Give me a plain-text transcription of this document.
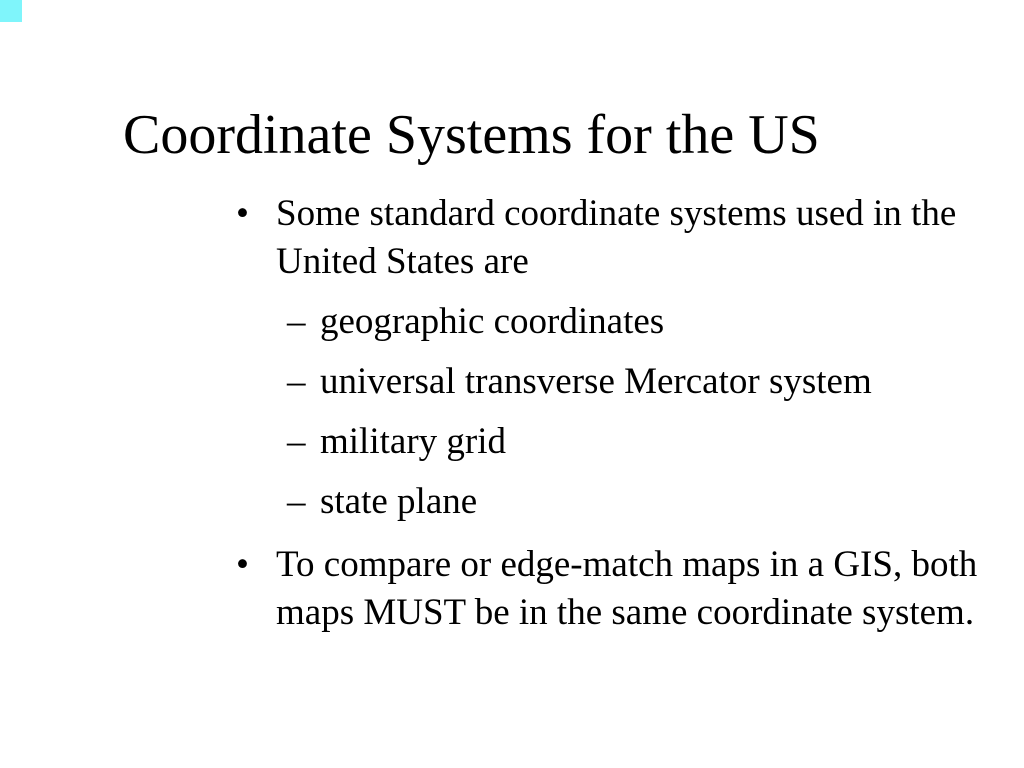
Coordinate Systems for the US
• Some standard coordinate systems used in the United States are
– geographic coordinates
– universal transverse Mercator system
– military grid
– state plane
• To compare or edge-match maps in a GIS, both maps MUST be in the same coordinate system.
